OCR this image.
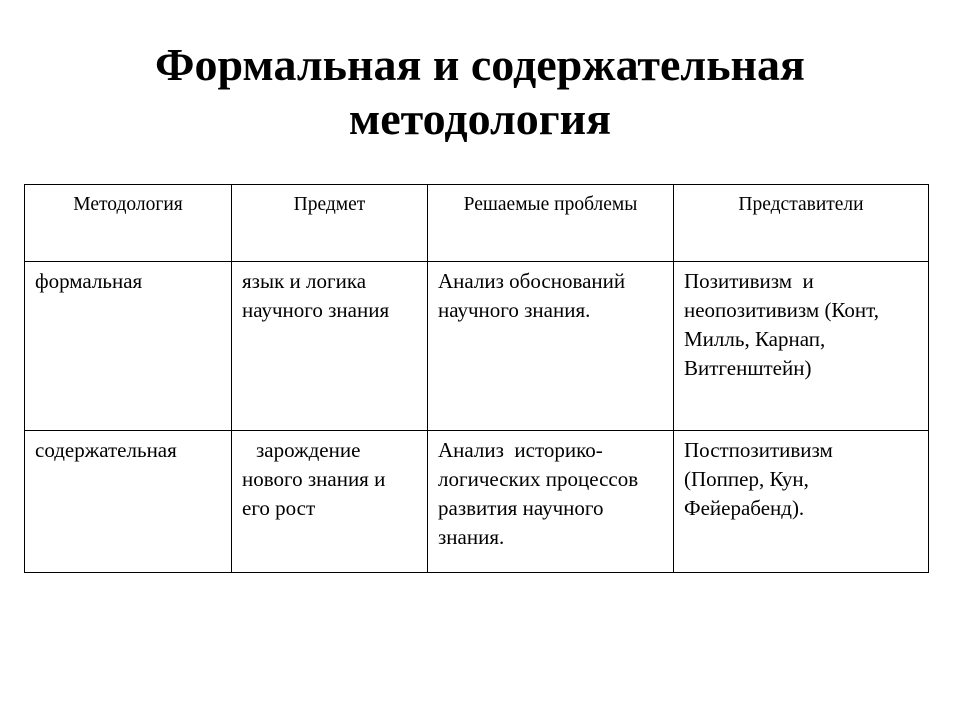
Формальная и содержательная
методология
Методология	Предмет	Решаемые проблемы	Представители

формальная	язык и логика научного знания	Анализ обоснований научного знания.	Позитивизм  и неопозитивизм (Конт, Милль, Карнап, Витгенштейн)

содержательная	зарождение нового знания и его рост	Анализ  историко-логических процессов развития научного знания.	Постпозитивизм (Поппер, Кун, Фейерабенд).
